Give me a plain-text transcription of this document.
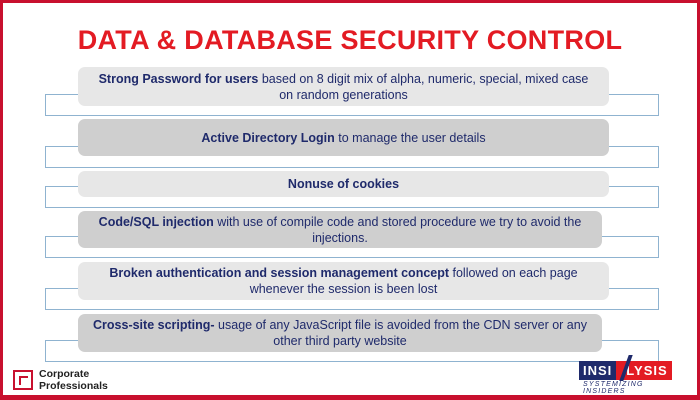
DATA & DATABASE SECURITY CONTROL
Strong Password for users based on 8 digit mix of alpha, numeric, special, mixed case on random generations
Active Directory Login to manage the user details
Nonuse of cookies
Code/SQL injection with use of compile code and stored procedure we try to avoid the injections.
Broken authentication and session management concept followed on each page whenever the session is been lost
Cross-site scripting- usage of any JavaScript file is avoided from the CDN server or any other third party website
Corporate
Professionals
INSI	LYSIS
SYSTEMIZING INSIDERS
